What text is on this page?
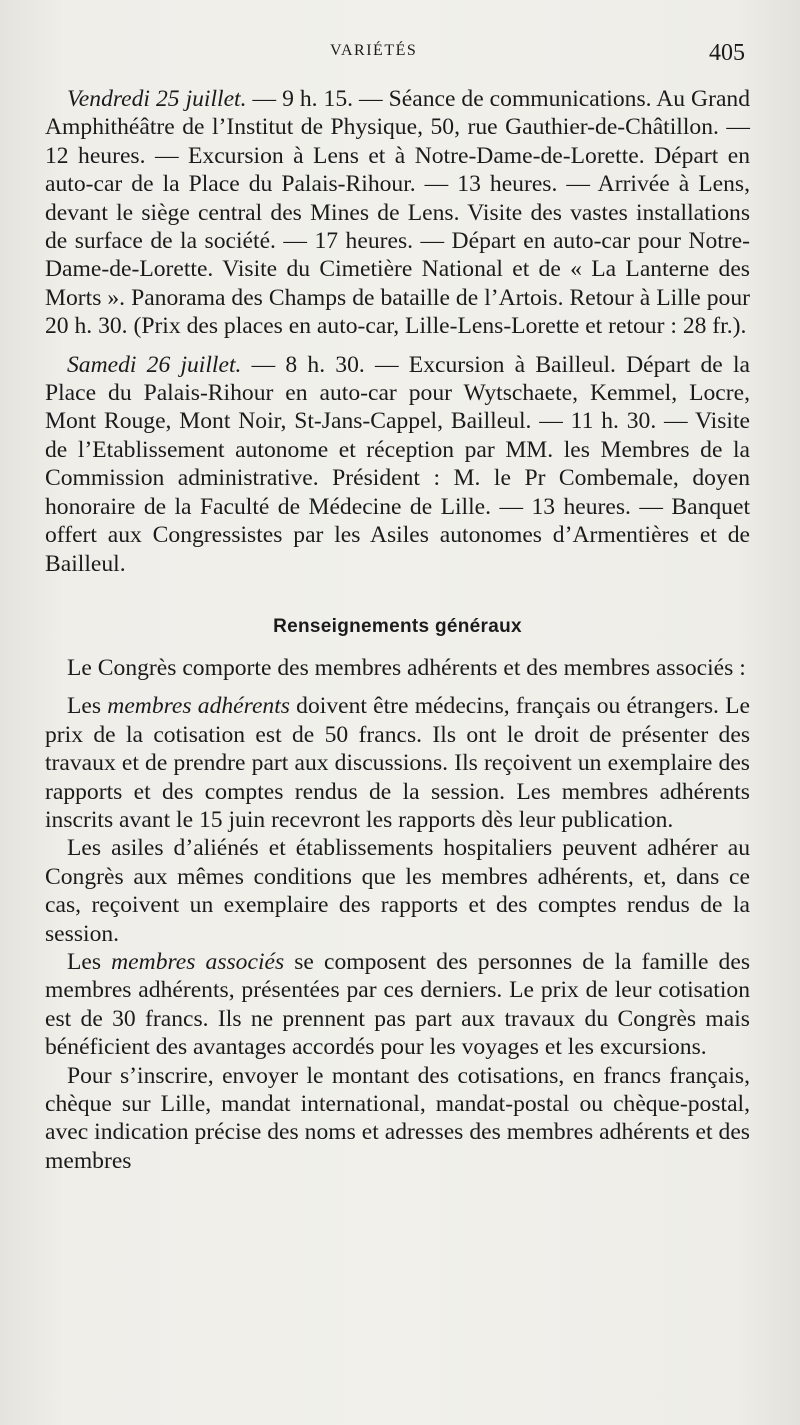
VARIÉTÉS	405

Vendredi 25 juillet. — 9 h. 15. — Séance de communications. Au Grand Amphithéâtre de l’Institut de Physique, 50, rue Gauthier-de-Châtillon. — 12 heures. — Excursion à Lens et à Notre-Dame-de-Lorette. Départ en auto-car de la Place du Palais-Rihour. — 13 heures. — Arrivée à Lens, devant le siège central des Mines de Lens. Visite des vastes installations de surface de la société. — 17 heures. — Départ en auto-car pour Notre-Dame-de-Lorette. Visite du Cimetière National et de « La Lanterne des Morts ». Panorama des Champs de bataille de l’Artois. Retour à Lille pour 20 h. 30. (Prix des places en auto-car, Lille-Lens-Lorette et retour : 28 fr.).

Samedi 26 juillet. — 8 h. 30. — Excursion à Bailleul. Départ de la Place du Palais-Rihour en auto-car pour Wytschaete, Kemmel, Locre, Mont Rouge, Mont Noir, St-Jans-Cappel, Bailleul. — 11 h. 30. — Visite de l’Etablissement autonome et réception par MM. les Membres de la Commission administrative. Président : M. le Pr Combemale, doyen honoraire de la Faculté de Médecine de Lille. — 13 heures. — Banquet offert aux Congressistes par les Asiles autonomes d’Armentières et de Bailleul.

Renseignements généraux

Le Congrès comporte des membres adhérents et des membres associés :

Les membres adhérents doivent être médecins, français ou étrangers. Le prix de la cotisation est de 50 francs. Ils ont le droit de présenter des travaux et de prendre part aux discussions. Ils reçoivent un exemplaire des rapports et des comptes rendus de la session. Les membres adhérents inscrits avant le 15 juin recevront les rapports dès leur publication.

Les asiles d’aliénés et établissements hospitaliers peuvent adhérer au Congrès aux mêmes conditions que les membres adhérents, et, dans ce cas, reçoivent un exemplaire des rapports et des comptes rendus de la session.

Les membres associés se composent des personnes de la famille des membres adhérents, présentées par ces derniers. Le prix de leur cotisation est de 30 francs. Ils ne prennent pas part aux travaux du Congrès mais bénéficient des avantages accordés pour les voyages et les excursions.

Pour s’inscrire, envoyer le montant des cotisations, en francs français, chèque sur Lille, mandat international, mandat-postal ou chèque-postal, avec indication précise des noms et adresses des membres adhérents et des membres
